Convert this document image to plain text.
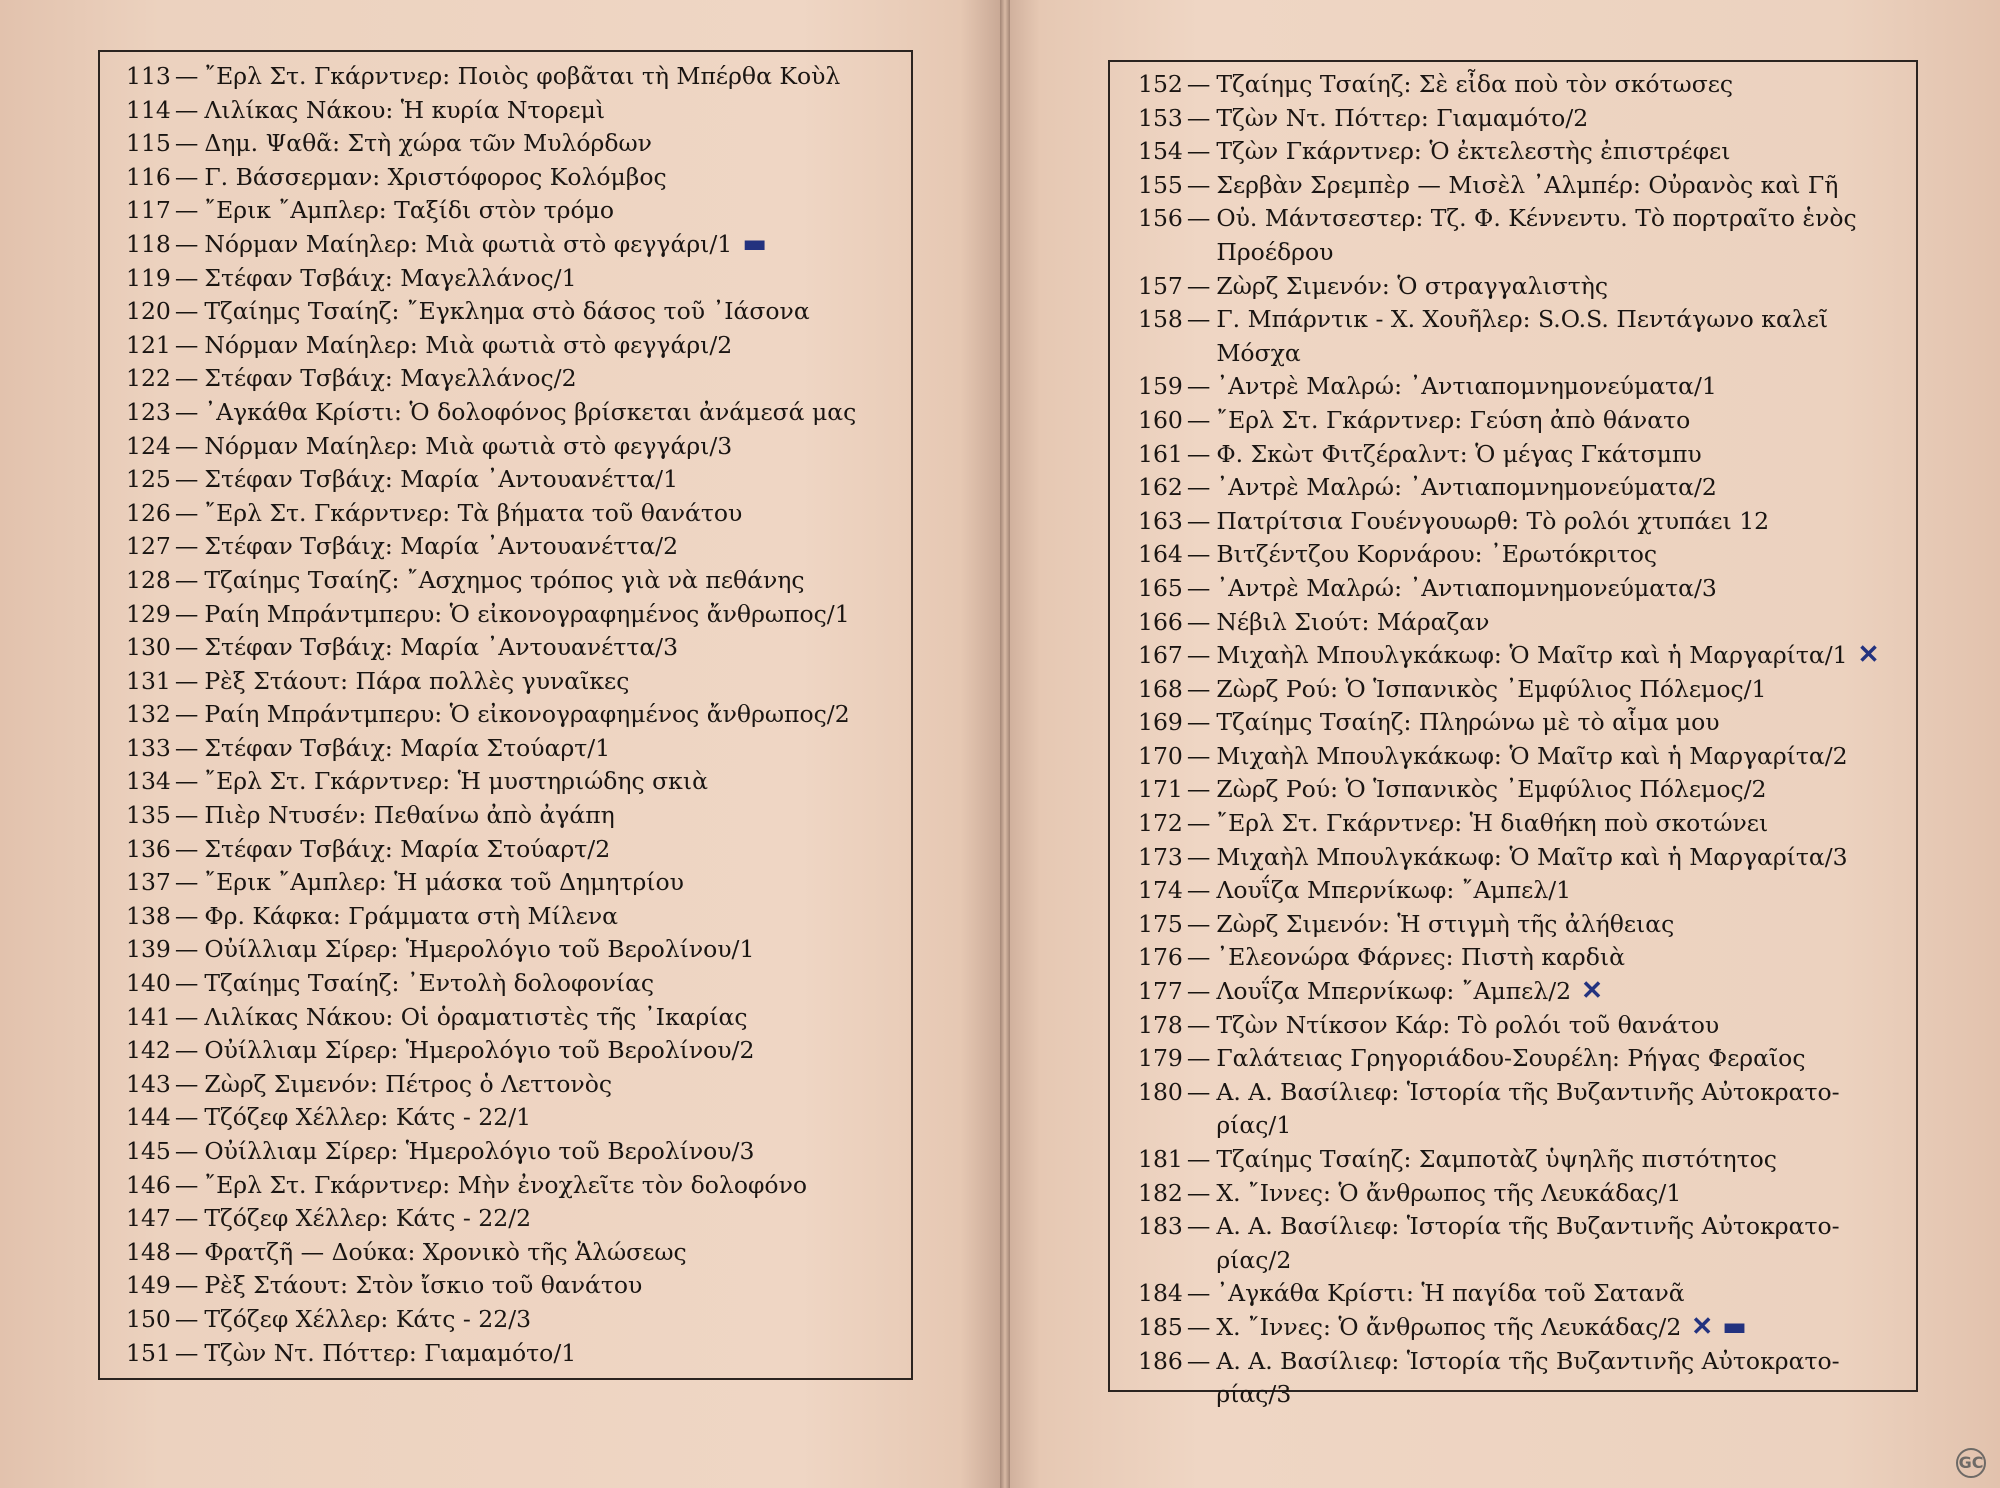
113 — ῎Ερλ Στ. Γκάρντνερ: Ποιὸς φοβᾶται τὴ Μπέρθα Κοὺλ
114 — Λιλίκας Νάκου: Ἡ κυρία Ντορεμὶ
115 — Δημ. Ψαθᾶ: Στὴ χώρα τῶν Μυλόρδων
116 — Γ. Βάσσερμαν: Χριστόφορος Κολόμβος
117 — ῎Ερικ ῎Αμπλερ: Ταξίδι στὸν τρόμο
118 — Νόρμαν Μαίηλερ: Μιὰ φωτιὰ στὸ φεγγάρι/1 ▬
119 — Στέφαν Τσβάιχ: Μαγελλάνος/1
120 — Τζαίημς Τσαίηζ: ῎Εγκλημα στὸ δάσος τοῦ ᾽Ιάσονα
121 — Νόρμαν Μαίηλερ: Μιὰ φωτιὰ στὸ φεγγάρι/2
122 — Στέφαν Τσβάιχ: Μαγελλάνος/2
123 — ᾽Αγκάθα Κρίστι: Ὁ δολοφόνος βρίσκεται ἀνάμεσά μας
124 — Νόρμαν Μαίηλερ: Μιὰ φωτιὰ στὸ φεγγάρι/3
125 — Στέφαν Τσβάιχ: Μαρία ᾽Αντουανέττα/1
126 — ῎Ερλ Στ. Γκάρντνερ: Τὰ βήματα τοῦ θανάτου
127 — Στέφαν Τσβάιχ: Μαρία ᾽Αντουανέττα/2
128 — Τζαίημς Τσαίηζ: ῎Ασχημος τρόπος γιὰ νὰ πεθάνης
129 — Ραίη Μπράντμπερυ: Ὁ εἰκονογραφημένος ἄνθρωπος/1
130 — Στέφαν Τσβάιχ: Μαρία ᾽Αντουανέττα/3
131 — Ρὲξ Στάουτ: Πάρα πολλὲς γυναῖκες
132 — Ραίη Μπράντμπερυ: Ὁ εἰκονογραφημένος ἄνθρωπος/2
133 — Στέφαν Τσβάιχ: Μαρία Στούαρτ/1
134 — ῎Ερλ Στ. Γκάρντνερ: Ἡ μυστηριώδης σκιὰ
135 — Πιὲρ Ντυσέν: Πεθαίνω ἀπὸ ἀγάπη
136 — Στέφαν Τσβάιχ: Μαρία Στούαρτ/2
137 — ῎Ερικ ῎Αμπλερ: Ἡ μάσκα τοῦ Δημητρίου
138 — Φρ. Κάφκα: Γράμματα στὴ Μίλενα
139 — Οὐίλλιαμ Σίρερ: Ἡμερολόγιο τοῦ Βερολίνου/1
140 — Τζαίημς Τσαίηζ: ᾽Εντολὴ δολοφονίας
141 — Λιλίκας Νάκου: Οἱ ὁραματιστὲς τῆς ᾽Ικαρίας
142 — Οὐίλλιαμ Σίρερ: Ἡμερολόγιο τοῦ Βερολίνου/2
143 — Ζὼρζ Σιμενόν: Πέτρος ὁ Λεττονὸς
144 — Τζόζεφ Χέλλερ: Κάτς - 22/1
145 — Οὐίλλιαμ Σίρερ: Ἡμερολόγιο τοῦ Βερολίνου/3
146 — ῎Ερλ Στ. Γκάρντνερ: Μὴν ἐνοχλεῖτε τὸν δολοφόνο
147 — Τζόζεφ Χέλλερ: Κάτς - 22/2
148 — Φρατζῆ — Δούκα: Χρονικὸ τῆς Ἁλώσεως
149 — Ρὲξ Στάουτ: Στὸν ἴσκιο τοῦ θανάτου
150 — Τζόζεφ Χέλλερ: Κάτς - 22/3
151 — Τζὼν Ντ. Πόττερ: Γιαμαμότο/1
152 — Τζαίημς Τσαίηζ: Σὲ εἶδα ποὺ τὸν σκότωσες
153 — Τζὼν Ντ. Πόττερ: Γιαμαμότο/2
154 — Τζὼν Γκάρντνερ: Ὁ ἐκτελεστὴς ἐπιστρέφει
155 — Σερβὰν Σρεμπὲρ — Μισὲλ ᾽Αλμπέρ: Οὐρανὸς καὶ Γῆ
156 — Οὐ. Μάντσεστερ: Τζ. Φ. Κέννεντυ. Τὸ πορτραῖτο ἑνὸς
Προέδρου
157 — Ζὼρζ Σιμενόν: Ὁ στραγγαλιστὴς
158 — Γ. Μπάρντικ - Χ. Χουῆλερ: S.O.S. Πεντάγωνο καλεῖ
Μόσχα
159 — ᾽Αντρὲ Μαλρώ: ᾽Αντιαπομνημονεύματα/1
160 — ῎Ερλ Στ. Γκάρντνερ: Γεύση ἀπὸ θάνατο
161 — Φ. Σκὼτ Φιτζέραλντ: Ὁ μέγας Γκάτσμπυ
162 — ᾽Αντρὲ Μαλρώ: ᾽Αντιαπομνημονεύματα/2
163 — Πατρίτσια Γουένγουωρθ: Τὸ ρολόι χτυπάει 12
164 — Βιτζέντζου Κορνάρου: ᾽Ερωτόκριτος
165 — ᾽Αντρὲ Μαλρώ: ᾽Αντιαπομνημονεύματα/3
166 — Νέβιλ Σιούτ: Μάραζαν
167 — Μιχαὴλ Μπουλγκάκωφ: Ὁ Μαῖτρ καὶ ἡ Μαργαρίτα/1 ✕
168 — Ζὼρζ Ρού: Ὁ Ἱσπανικὸς ᾽Εμφύλιος Πόλεμος/1
169 — Τζαίημς Τσαίηζ: Πληρώνω μὲ τὸ αἷμα μου
170 — Μιχαὴλ Μπουλγκάκωφ: Ὁ Μαῖτρ καὶ ἡ Μαργαρίτα/2
171 — Ζὼρζ Ρού: Ὁ Ἱσπανικὸς ᾽Εμφύλιος Πόλεμος/2
172 — ῎Ερλ Στ. Γκάρντνερ: Ἡ διαθήκη ποὺ σκοτώνει
173 — Μιχαὴλ Μπουλγκάκωφ: Ὁ Μαῖτρ καὶ ἡ Μαργαρίτα/3
174 — Λουΐζα Μπερνίκωφ: ῎Αμπελ/1
175 — Ζὼρζ Σιμενόν: Ἡ στιγμὴ τῆς ἀλήθειας
176 — ᾽Ελεονώρα Φάρνες: Πιστὴ καρδιὰ
177 — Λουΐζα Μπερνίκωφ: ῎Αμπελ/2 ✕
178 — Τζὼν Ντίκσον Κάρ: Τὸ ρολόι τοῦ θανάτου
179 — Γαλάτειας Γρηγοριάδου-Σουρέλη: Ρήγας Φεραῖος
180 — Α. Α. Βασίλιεφ: Ἱστορία τῆς Βυζαντινῆς Αὐτοκρατο-
ρίας/1
181 — Τζαίημς Τσαίηζ: Σαμποτὰζ ὑψηλῆς πιστότητος
182 — Χ. ῎Ιννες: Ὁ ἄνθρωπος τῆς Λευκάδας/1
183 — Α. Α. Βασίλιεφ: Ἱστορία τῆς Βυζαντινῆς Αὐτοκρατο-
ρίας/2
184 — ᾽Αγκάθα Κρίστι: Ἡ παγίδα τοῦ Σατανᾶ
185 — Χ. ῎Ιννες: Ὁ ἄνθρωπος τῆς Λευκάδας/2 ✕ ▬
186 — Α. Α. Βασίλιεφ: Ἱστορία τῆς Βυζαντινῆς Αὐτοκρατο-
ρίας/3
GC
